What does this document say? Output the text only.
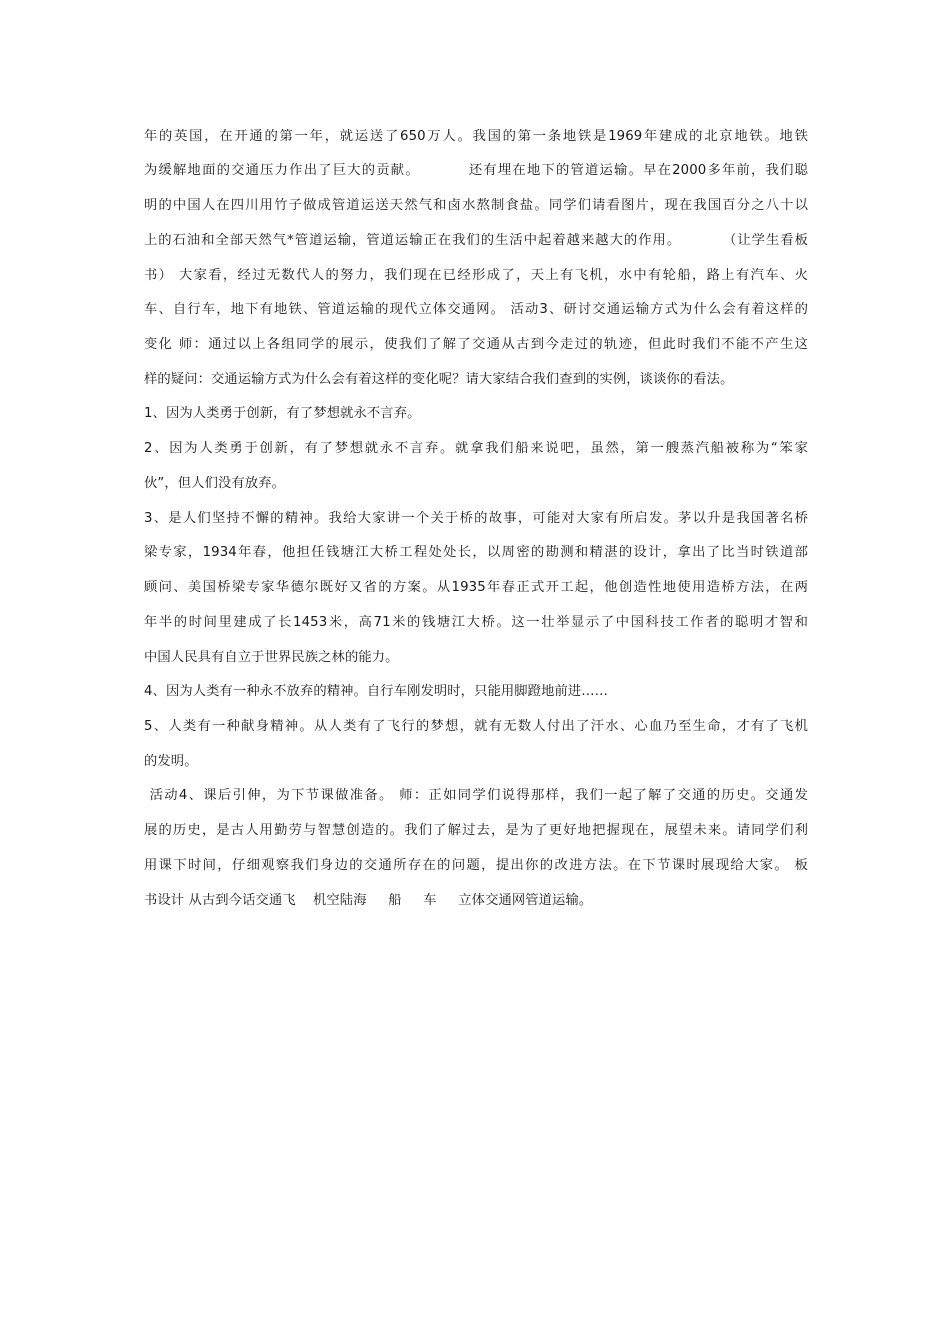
年的英国，在开通的第一年，就运送了650万人。我国的第一条地铁是1969年建成的北京地铁。地铁
为缓解地面的交通压力作出了巨大的贡献。         还有埋在地下的管道运输。早在2000多年前，我们聪
明的中国人在四川用竹子做成管道运送天然气和卤水熬制食盐。同学们请看图片，现在我国百分之八十以
上的石油和全部天然气*管道运输，管道运输正在我们的生活中起着越来越大的作用。        （让学生看板
书） 大家看，经过无数代人的努力，我们现在已经形成了，天上有飞机，水中有轮船，路上有汽车、火
车、自行车，地下有地铁、管道运输的现代立体交通网。 活动3、研讨交通运输方式为什么会有着这样的
变化 师：通过以上各组同学的展示，使我们了解了交通从古到今走过的轨迹，但此时我们不能不产生这
样的疑问：交通运输方式为什么会有着这样的变化呢？请大家结合我们查到的实例，谈谈你的看法。
1、因为人类勇于创新，有了梦想就永不言弃。
2、因为人类勇于创新，有了梦想就永不言弃。就拿我们船来说吧，虽然，第一艘蒸汽船被称为“笨家
伙”，但人们没有放弃。
3、是人们坚持不懈的精神。我给大家讲一个关于桥的故事，可能对大家有所启发。茅以升是我国著名桥
梁专家，1934年春，他担任钱塘江大桥工程处处长，以周密的勘测和精湛的设计，拿出了比当时铁道部
顾问、美国桥梁专家华德尔既好又省的方案。从1935年春正式开工起，他创造性地使用造桥方法，在两
年半的时间里建成了长1453米，高71米的钱塘江大桥。这一壮举显示了中国科技工作者的聪明才智和
中国人民具有自立于世界民族之林的能力。
4、因为人类有一种永不放弃的精神。自行车刚发明时，只能用脚蹬地前进……
5、人类有一种献身精神。从人类有了飞行的梦想，就有无数人付出了汗水、心血乃至生命，才有了飞机
的发明。
活动4、课后引伸，为下节课做准备。 师：正如同学们说得那样，我们一起了解了交通的历史。交通发
展的历史，是古人用勤劳与智慧创造的。我们了解过去，是为了更好地把握现在，展望未来。请同学们利
用课下时间，仔细观察我们身边的交通所存在的问题，提出你的改进方法。在下节课时展现给大家。 板
书设计 从古到今话交通飞    机空陆海     船     车     立体交通网管道运输。
